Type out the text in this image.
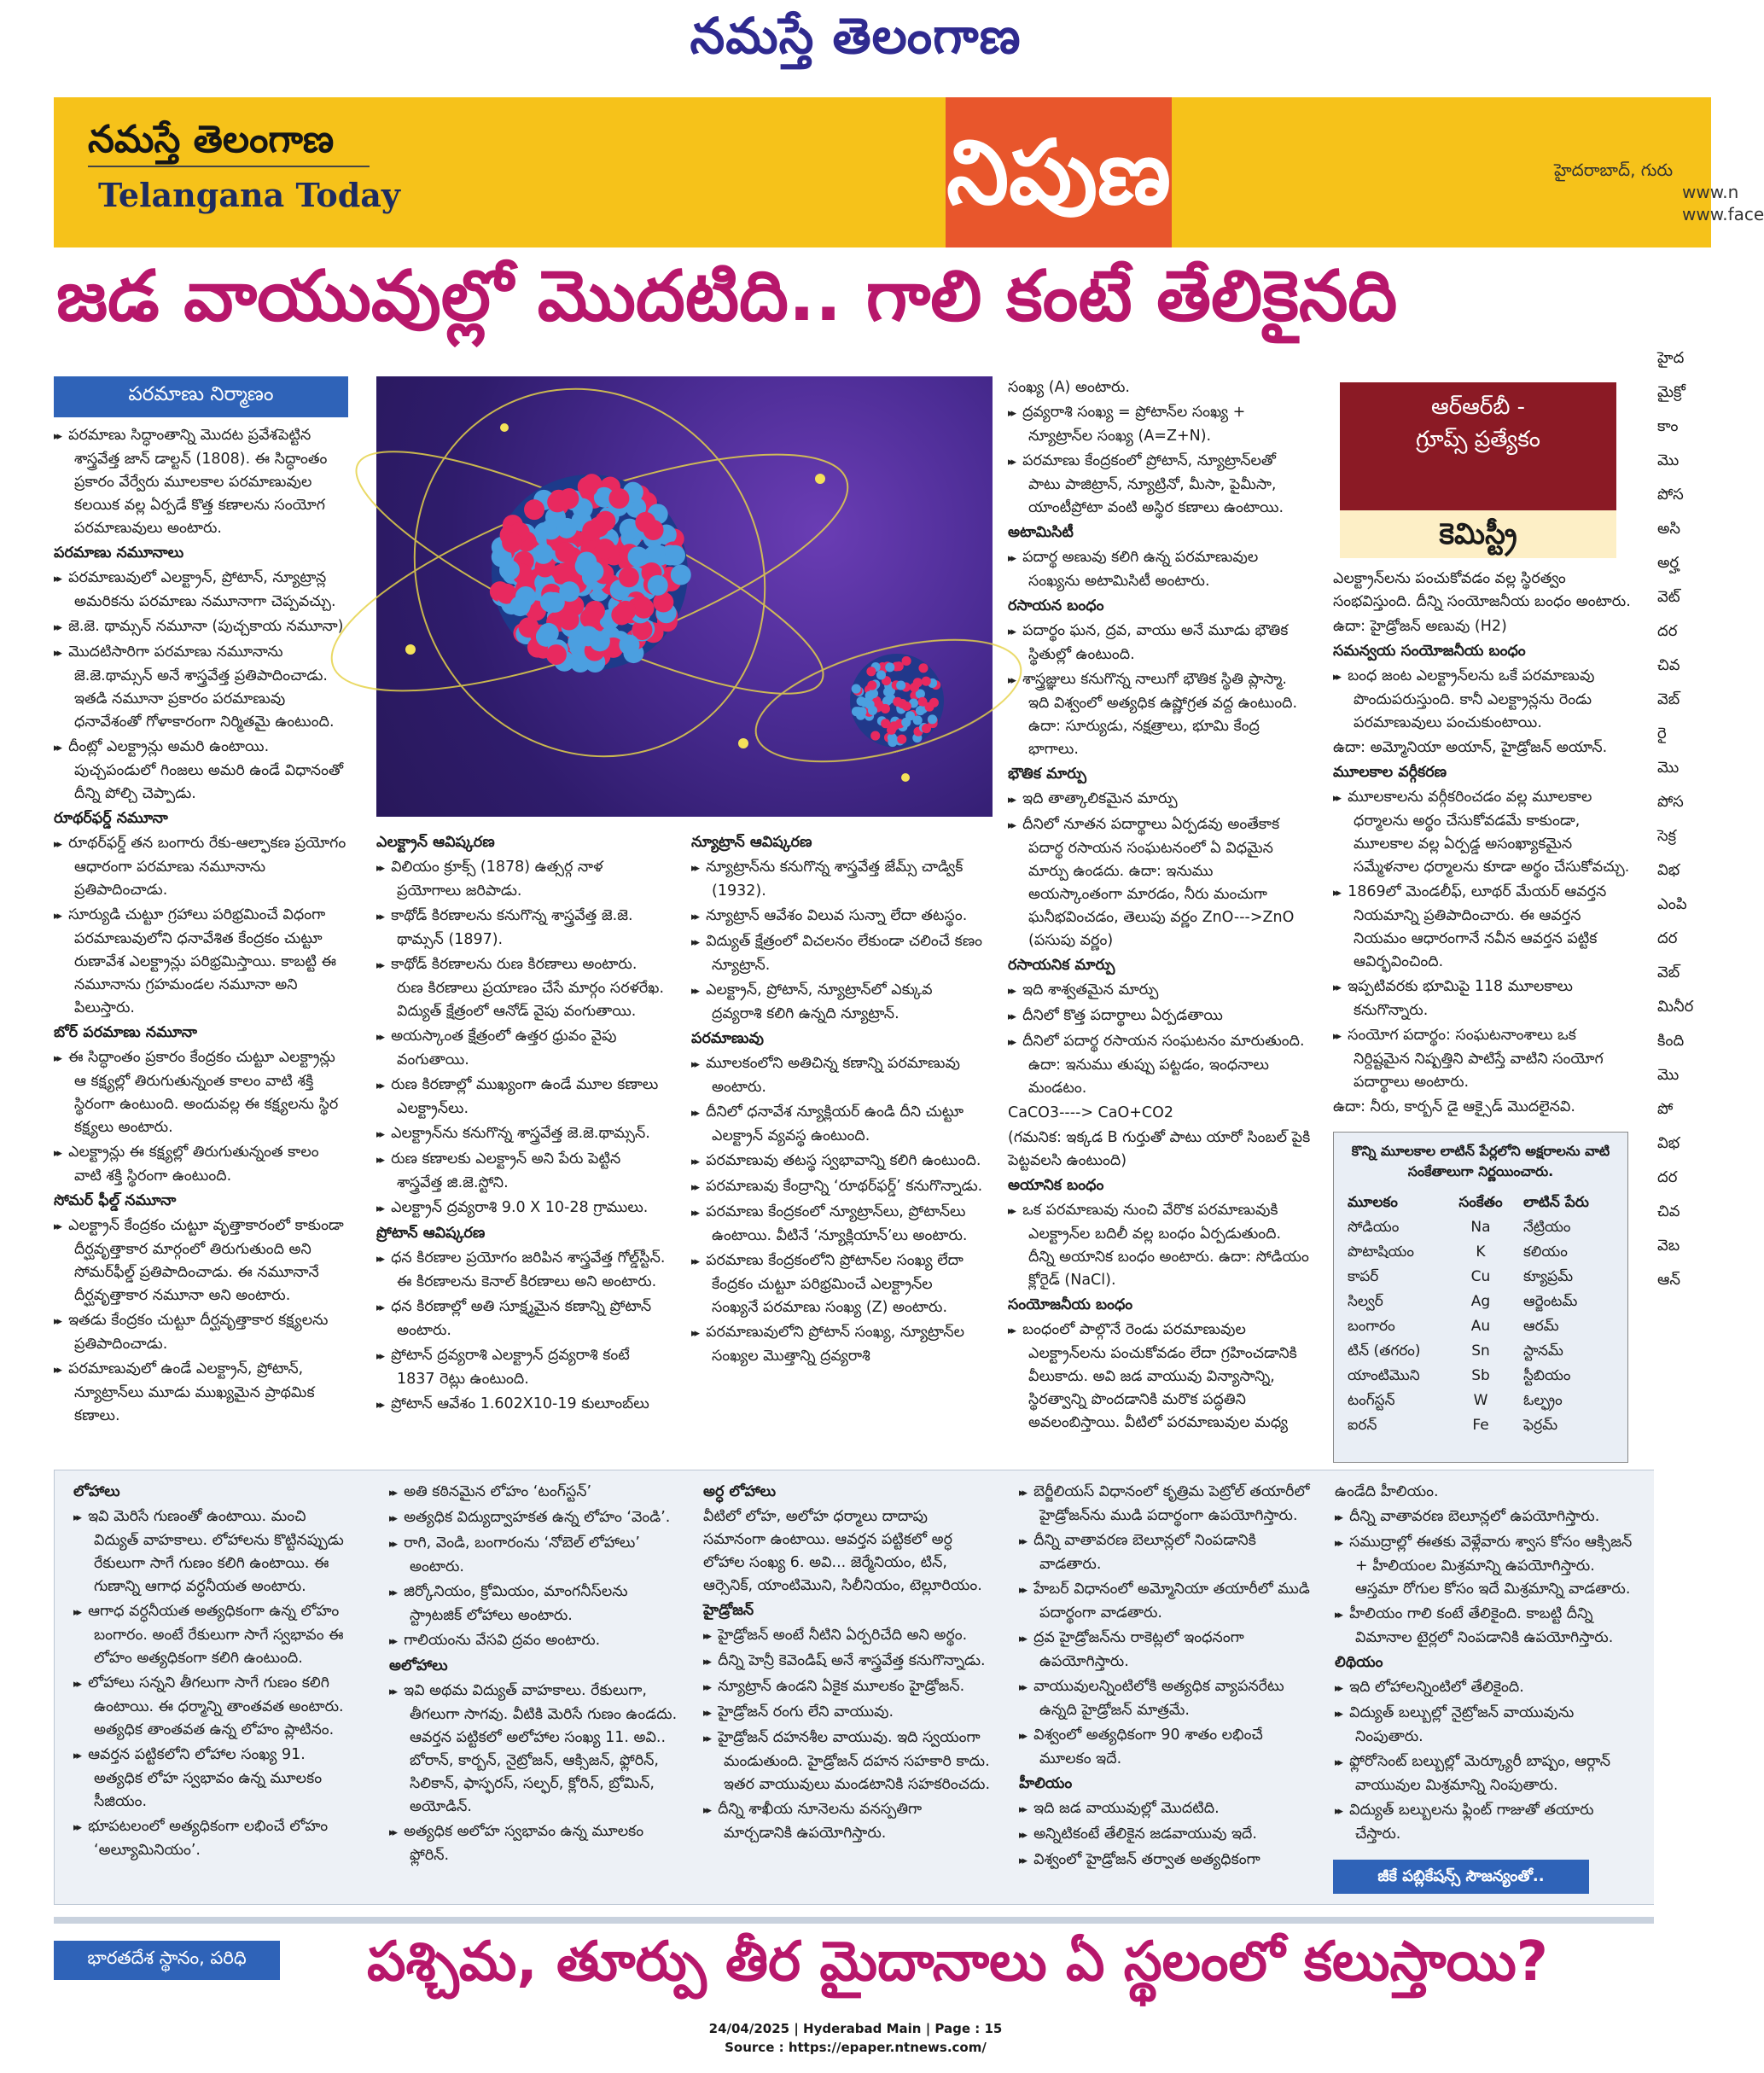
నమస్తే తెలంగాణ
నమస్తే తెలంగాణ
Telangana Today	నిపుణ	హైదరాబాద్, గురు
www.n
www.face
జడ వాయువుల్లో మొదటిది.. గాలి కంటే తేలికైనది
పరమాణు నిర్మాణం

▸▸ పరమాణు సిద్ధాంతాన్ని మొదట ప్రవేశపెట్టిన శాస్త్రవేత్త జాన్ డాల్టన్ (1808). ఈ సిద్ధాంతం ప్రకారం వేర్వేరు మూలకాల పరమాణువుల కలయిక వల్ల ఏర్పడే కొత్త కణాలను సంయోగ పరమాణువులు అంటారు.

పరమాణు నమూనాలు

▸▸ పరమాణువులో ఎలక్ట్రాన్, ప్రోటాన్, న్యూట్రాన్ల అమరికను పరమాణు నమూనాగా చెప్పవచ్చు.

▸▸ జె.జె. థామ్సన్ నమూనా (పుచ్చకాయ నమూనా)

▸▸ మొదటిసారిగా పరమాణు నమూనాను జె.జె.థామ్సన్ అనే శాస్త్రవేత్త ప్రతిపాదించాడు. ఇతడి నమూనా ప్రకారం పరమాణువు ధనావేశంతో గోళాకారంగా నిర్మితమై ఉంటుంది.

▸▸ దీంట్లో ఎలక్ట్రాన్లు అమరి ఉంటాయి. పుచ్చపండులో గింజలు అమరి ఉండే విధానంతో దీన్ని పోల్చి చెప్పాడు.

రూథర్‌ఫర్డ్ నమూనా

▸▸ రూథర్‌ఫర్డ్ తన బంగారు రేకు-ఆల్ఫాకణ ప్రయోగం ఆధారంగా పరమాణు నమూనాను ప్రతిపాదించాడు.

▸▸ సూర్యుడి చుట్టూ గ్రహాలు పరిభ్రమించే విధంగా పరమాణువులోని ధనావేశిత కేంద్రకం చుట్టూ రుణావేశ ఎలక్ట్రాన్లు పరిభ్రమిస్తాయి. కాబట్టి ఈ నమూనాను గ్రహమండల నమూనా అని పిలుస్తారు.

బోర్ పరమాణు నమూనా

▸▸ ఈ సిద్ధాంతం ప్రకారం కేంద్రకం చుట్టూ ఎలక్ట్రాన్లు ఆ కక్ష్యల్లో తిరుగుతున్నంత కాలం వాటి శక్తి స్థిరంగా ఉంటుంది. అందువల్ల ఈ కక్ష్యలను స్థిర కక్ష్యలు అంటారు.

▸▸ ఎలక్ట్రాన్లు ఈ కక్ష్యల్లో తిరుగుతున్నంత కాలం వాటి శక్తి స్థిరంగా ఉంటుంది.

సోమర్ ఫీల్డ్ నమూనా

▸▸ ఎలక్ట్రాన్ కేంద్రకం చుట్టూ వృత్తాకారంలో కాకుండా దీర్ఘవృత్తాకార మార్గంలో తిరుగుతుంది అని సోమర్‌ఫీల్డ్ ప్రతిపాదించాడు. ఈ నమూనానే దీర్ఘవృత్తాకార నమూనా అని అంటారు.

▸▸ ఇతడు కేంద్రకం చుట్టూ దీర్ఘవృత్తాకార కక్ష్యలను ప్రతిపాదించాడు.

▸▸ పరమాణువులో ఉండే ఎలక్ట్రాన్, ప్రోటాన్, న్యూట్రాన్‌లు మూడు ముఖ్యమైన ప్రాథమిక కణాలు.

ఎలక్ట్రాన్ ఆవిష్కరణ

▸▸ విలియం క్రూక్స్ (1878) ఉత్సర్గ నాళ ప్రయోగాలు జరిపాడు.

▸▸ కాథోడ్ కిరణాలను కనుగొన్న శాస్త్రవేత్త జె.జె. థామ్సన్ (1897).

▸▸ కాథోడ్ కిరణాలను రుణ కిరణాలు అంటారు. రుణ కిరణాలు ప్రయాణం చేసే మార్గం సరళరేఖ. విద్యుత్ క్షేత్రంలో ఆనోడ్ వైపు వంగుతాయి.

▸▸ అయస్కాంత క్షేత్రంలో ఉత్తర ధ్రువం వైపు వంగుతాయి.

▸▸ రుణ కిరణాల్లో ముఖ్యంగా ఉండే మూల కణాలు ఎలక్ట్రాన్‌లు.

▸▸ ఎలక్ట్రాన్‌ను కనుగొన్న శాస్త్రవేత్త జె.జె.థామ్సన్.

▸▸ రుణ కణాలకు ఎలక్ట్రాన్ అని పేరు పెట్టిన శాస్త్రవేత్త జి.జె.స్టోని.

▸▸ ఎలక్ట్రాన్ ద్రవ్యరాశి 9.0 X 10-28 గ్రాములు.

ప్రోటాన్ ఆవిష్కరణ

▸▸ ధన కిరణాల ప్రయోగం జరిపిన శాస్త్రవేత్త గోల్డ్‌స్టీన్. ఈ కిరణాలను కెనాల్ కిరణాలు అని అంటారు.

▸▸ ధన కిరణాల్లో అతి సూక్ష్మమైన కణాన్ని ప్రోటాన్ అంటారు.

▸▸ ప్రోటాన్ ద్రవ్యరాశి ఎలక్ట్రాన్ ద్రవ్యరాశి కంటే 1837 రెట్లు ఉంటుంది.

▸▸ ప్రోటాన్ ఆవేశం 1.602X10-19 కులూంబ్‌లు

న్యూట్రాన్ ఆవిష్కరణ

▸▸ న్యూట్రాన్‌ను కనుగొన్న శాస్త్రవేత్త జేమ్స్ చాడ్విక్ (1932).

▸▸ న్యూట్రాన్ ఆవేశం విలువ సున్నా లేదా తటస్థం.

▸▸ విద్యుత్ క్షేత్రంలో విచలనం లేకుండా చలించే కణం న్యూట్రాన్.

▸▸ ఎలక్ట్రాన్, ప్రోటాన్, న్యూట్రాన్‌లో ఎక్కువ ద్రవ్యరాశి కలిగి ఉన్నది న్యూట్రాన్.

పరమాణువు

▸▸ మూలకంలోని అతిచిన్న కణాన్ని పరమాణువు అంటారు.

▸▸ దీనిలో ధనావేశ న్యూక్లియర్ ఉండి దీని చుట్టూ ఎలక్ట్రాన్ వ్యవస్థ ఉంటుంది.

▸▸ పరమాణువు తటస్థ స్వభావాన్ని కలిగి ఉంటుంది.

▸▸ పరమాణువు కేంద్రాన్ని ‘రూథర్‌ఫర్డ్’ కనుగొన్నాడు.

▸▸ పరమాణు కేంద్రకంలో న్యూట్రాన్‌లు, ప్రోటాన్‌లు ఉంటాయి. వీటినే ‘న్యూక్లియాన్’లు అంటారు.

▸▸ పరమాణు కేంద్రకంలోని ప్రోటాన్‌ల సంఖ్య లేదా కేంద్రకం చుట్టూ పరిభ్రమించే ఎలక్ట్రాన్‌ల సంఖ్యనే పరమాణు సంఖ్య (Z) అంటారు.

▸▸ పరమాణువులోని ప్రోటాన్ సంఖ్య, న్యూట్రాన్‌ల సంఖ్యల మొత్తాన్ని ద్రవ్యరాశి

సంఖ్య (A) అంటారు.

▸▸ ద్రవ్యరాశి సంఖ్య = ప్రోటాన్‌ల సంఖ్య + న్యూట్రాన్‌ల సంఖ్య (A=Z+N).

▸▸ పరమాణు కేంద్రకంలో ప్రోటాన్, న్యూట్రాన్‌లతో పాటు పాజిట్రాన్, న్యూట్రినో, మీసా, పైమీసా, యాంటీప్రోటా వంటి అస్థిర కణాలు ఉంటాయి.

అటామిసిటీ

▸▸ పదార్థ అణువు కలిగి ఉన్న పరమాణువుల సంఖ్యను అటామిసిటీ అంటారు.

రసాయన బంధం

▸▸ పదార్థం ఘన, ద్రవ, వాయు అనే మూడు భౌతిక స్థితుల్లో ఉంటుంది.

▸▸ శాస్త్రజ్ఞులు కనుగొన్న నాలుగో భౌతిక స్థితి ప్లాస్మా. ఇది విశ్వంలో అత్యధిక ఉష్ణోగ్రత వద్ద ఉంటుంది. ఉదా: సూర్యుడు, నక్షత్రాలు, భూమి కేంద్ర భాగాలు.

భౌతిక మార్పు

▸▸ ఇది తాత్కాలికమైన మార్పు

▸▸ దీనిలో నూతన పదార్థాలు ఏర్పడవు అంతేకాక పదార్థ రసాయన సంఘటనంలో ఏ విధమైన మార్పు ఉండదు. ఉదా: ఇనుము అయస్కాంతంగా మారడం, నీరు మంచుగా ఘనీభవించడం, తెలుపు వర్ణం ZnO--->ZnO (పసుపు వర్ణం)

రసాయనిక మార్పు

▸▸ ఇది శాశ్వతమైన మార్పు

▸▸ దీనిలో కొత్త పదార్థాలు ఏర్పడతాయి

▸▸ దీనిలో పదార్థ రసాయన సంఘటనం మారుతుంది. ఉదా: ఇనుము తుప్పు పట్టడం, ఇంధనాలు మండటం.

CaCO3----> CaO+CO2

(గమనిక: ఇక్కడ B గుర్తుతో పాటు యారో సింబల్ పైకి పెట్టవలసి ఉంటుంది)

అయానిక బంధం

▸▸ ఒక పరమాణువు నుంచి వేరొక పరమాణువుకి ఎలక్ట్రాన్‌ల బదిలీ వల్ల బంధం ఏర్పడుతుంది. దీన్ని అయానిక బంధం అంటారు. ఉదా: సోడియం క్లోరైడ్ (NaCl).

సంయోజనీయ బంధం

▸▸ బంధంలో పాల్గొనే రెండు పరమాణువుల ఎలక్ట్రాన్‌లను పంచుకోవడం లేదా గ్రహించడానికి వీలుకాదు. అవి జడ వాయువు విన్యాసాన్ని, స్థిరత్వాన్ని పొందడానికి మరొక పద్ధతిని అవలంబిస్తాయి. వీటిలో పరమాణువుల మధ్య

ఆర్ఆర్‌బీ -
గ్రూప్స్ ప్రత్యేకం
కెమిస్ట్రీ

ఎలక్ట్రాన్‌లను పంచుకోవడం వల్ల స్థిరత్వం సంభవిస్తుంది. దీన్ని సంయోజనీయ బంధం అంటారు.

ఉదా: హైడ్రోజన్ అణువు (H2)

సమన్వయ సంయోజనీయ బంధం

▸▸ బంధ జంట ఎలక్ట్రాన్‌లను ఒకే పరమాణువు పొందుపరుస్తుంది. కానీ ఎలక్ట్రాన్లను రెండు పరమాణువులు పంచుకుంటాయి.

ఉదా: అమ్మోనియా అయాన్, హైడ్రోజన్ అయాన్.

మూలకాల వర్గీకరణ

▸▸ మూలకాలను వర్గీకరించడం వల్ల మూలకాల ధర్మాలను అర్థం చేసుకోవడమే కాకుండా, మూలకాల వల్ల ఏర్పడ్డ అసంఖ్యాకమైన సమ్మేళనాల ధర్మాలను కూడా అర్థం చేసుకోవచ్చు.

▸▸ 1869లో మెండలీఫ్, లూథర్ మేయర్ ఆవర్తన నియమాన్ని ప్రతిపాదించారు. ఈ ఆవర్తన నియమం ఆధారంగానే నవీన ఆవర్తన పట్టిక ఆవిర్భవించింది.

▸▸ ఇప్పటివరకు భూమిపై 118 మూలకాలు కనుగొన్నారు.

▸▸ సంయోగ పదార్థం: సంఘటనాంశాలు ఒక నిర్దిష్టమైన నిష్పత్తిని పాటిస్తే వాటిని సంయోగ పదార్థాలు అంటారు.

ఉదా: నీరు, కార్బన్ డై ఆక్సైడ్ మొదలైనవి.

కొన్ని మూలకాల లాటిన్ పేర్లలోని అక్షరాలను వాటి సంకేతాలుగా నిర్ణయించారు.
మూలకం	సంకేతం	లాటిన్ పేరు
సోడియం	Na	నేట్రియం
పొటాషియం	K	కలియం
కాపర్	Cu	క్యూప్రమ్
సిల్వర్	Ag	ఆర్జెంటమ్
బంగారం	Au	ఆరమ్
టిన్ (తగరం)	Sn	స్టానమ్
యాంటిమొని	Sb	స్టీబియం
టంగ్‌స్టన్	W	ఓల్ఫ్రం
ఐరన్	Fe	ఫెర్రమ్

లోహాలు

▸▸ ఇవి మెరిసే గుణంతో ఉంటాయి. మంచి విద్యుత్ వాహకాలు. లోహాలను కొట్టినప్పుడు రేకులుగా సాగే గుణం కలిగి ఉంటాయి. ఈ గుణాన్ని ఆగాధ వర్ధనీయత అంటారు.

▸▸ ఆగాధ వర్ధనీయత అత్యధికంగా ఉన్న లోహం బంగారం. అంటే రేకులుగా సాగే స్వభావం ఈ లోహం అత్యధికంగా కలిగి ఉంటుంది.

▸▸ లోహాలు సన్నని తీగలుగా సాగే గుణం కలిగి ఉంటాయి. ఈ ధర్మాన్ని తాంతవత అంటారు. అత్యధిక తాంతవత ఉన్న లోహం ప్లాటినం.

▸▸ ఆవర్తన పట్టికలోని లోహాల సంఖ్య 91. అత్యధిక లోహ స్వభావం ఉన్న మూలకం సీజియం.

▸▸ భూపటలంలో అత్యధికంగా లభించే లోహం ‘అల్యూమినియం’.

▸▸ అతి కఠినమైన లోహం ‘టంగ్‌స్టన్’

▸▸ అత్యధిక విద్యుద్వాహకత ఉన్న లోహం ‘వెండి’.

▸▸ రాగి, వెండి, బంగారంను ‘నోబెల్ లోహాలు’ అంటారు.

▸▸ జిర్కోనియం, క్రోమియం, మాంగనీస్‌లను స్ట్రాటజిక్ లోహాలు అంటారు.

▸▸ గాలియంను వేసవి ద్రవం అంటారు.

అలోహాలు

▸▸ ఇవి అథమ విద్యుత్ వాహకాలు. రేకులుగా, తీగలుగా సాగవు. వీటికి మెరిసే గుణం ఉండదు. ఆవర్తన పట్టికలో అలోహాల సంఖ్య 11. అవి.. బోరాన్, కార్బన్, నైట్రోజన్, ఆక్సిజన్, ఫ్లోరిన్, సిలికాన్, ఫాస్ఫరస్, సల్ఫర్, క్లోరిన్, బ్రోమిన్, అయోడిన్.

▸▸ అత్యధిక అలోహ స్వభావం ఉన్న మూలకం ఫ్లోరిన్.

అర్ధ లోహాలు

వీటిలో లోహ, అలోహ ధర్మాలు దాదాపు సమానంగా ఉంటాయి. ఆవర్తన పట్టికలో అర్ధ లోహాల సంఖ్య 6. అవి... జెర్మేనియం, టిన్, ఆర్సెనిక్, యాంటిమొని, సిలీనియం, టెల్లూరియం.

హైడ్రోజన్

▸▸ హైడ్రోజన్ అంటే నీటిని ఏర్పరిచేది అని అర్థం.

▸▸ దీన్ని హెన్రీ కెవెండిష్ అనే శాస్త్రవేత్త కనుగొన్నాడు.

▸▸ న్యూట్రాన్ ఉండని ఏకైక మూలకం హైడ్రోజన్.

▸▸ హైడ్రోజన్ రంగు లేని వాయువు.

▸▸ హైడ్రోజన్ దహనశీల వాయువు. ఇది స్వయంగా మండుతుంది. హైడ్రోజన్ దహన సహకారి కాదు. ఇతర వాయువులు మండటానికి సహకరించదు.

▸▸ దీన్ని శాఖీయ నూనెలను వనస్పతిగా మార్చడానికి ఉపయోగిస్తారు.

▸▸ బెర్జీలియస్ విధానంలో కృత్రిమ పెట్రోల్ తయారీలో హైడ్రోజన్‌ను ముడి పదార్థంగా ఉపయోగిస్తారు.

▸▸ దీన్ని వాతావరణ బెలూన్లలో నింపడానికి వాడతారు.

▸▸ హేబర్ విధానంలో అమ్మోనియా తయారీలో ముడి పదార్థంగా వాడతారు.

▸▸ ద్రవ హైడ్రోజన్‌ను రాకెట్లలో ఇంధనంగా ఉపయోగిస్తారు.

▸▸ వాయువులన్నింటిలోకి అత్యధిక వ్యాపనరేటు ఉన్నది హైడ్రోజన్ మాత్రమే.

▸▸ విశ్వంలో అత్యధికంగా 90 శాతం లభించే మూలకం ఇదే.

హీలియం

▸▸ ఇది జడ వాయువుల్లో మొదటిది.

▸▸ అన్నిటికంటే తేలికైన జడవాయువు ఇదే.

▸▸ విశ్వంలో హైడ్రోజన్ తర్వాత అత్యధికంగా

ఉండేది హీలియం.

▸▸ దీన్ని వాతావరణ బెలూన్లలో ఉపయోగిస్తారు.

▸▸ సముద్రాల్లో ఈతకు వెళ్లేవారు శ్వాస కోసం ఆక్సిజన్ + హీలియంల మిశ్రమాన్ని ఉపయోగిస్తారు. ఆస్తమా రోగుల కోసం ఇదే మిశ్రమాన్ని వాడతారు.

▸▸ హీలియం గాలి కంటే తేలికైంది. కాబట్టి దీన్ని విమానాల టైర్లలో నింపడానికి ఉపయోగిస్తారు.

లిథియం

▸▸ ఇది లోహాలన్నింటిలో తేలికైంది.

▸▸ విద్యుత్ బల్బుల్లో నైట్రోజన్ వాయువును నింపుతారు.

▸▸ ఫ్లోరోసెంట్ బల్బుల్లో మెర్క్యూరీ బాష్పం, ఆర్గాన్ వాయువుల మిశ్రమాన్ని నింపుతారు.

▸▸ విద్యుత్ బల్బులను ఫ్లింట్ గాజుతో తయారు చేస్తారు.

జీకే పబ్లికేషన్స్ సౌజన్యంతో..
భారతదేశ స్థానం, పరిధి	పశ్చిమ, తూర్పు తీర మైదానాలు ఏ స్థలంలో కలుస్తాయి?
హైద
మైక్రో
కాం
మొ
పోస
అసి
అర్హ
వెట్
దర
చివ
వెబ్
రై
మొ
పోస
సెక్ర
విభ
ఎంపి
దర
వెబ్
మినీర
కింది
మొ
పో
విభ
దర
చివ
వెబ
ఆన్
24/04/2025 | Hyderabad Main | Page : 15
Source : https://epaper.ntnews.com/
